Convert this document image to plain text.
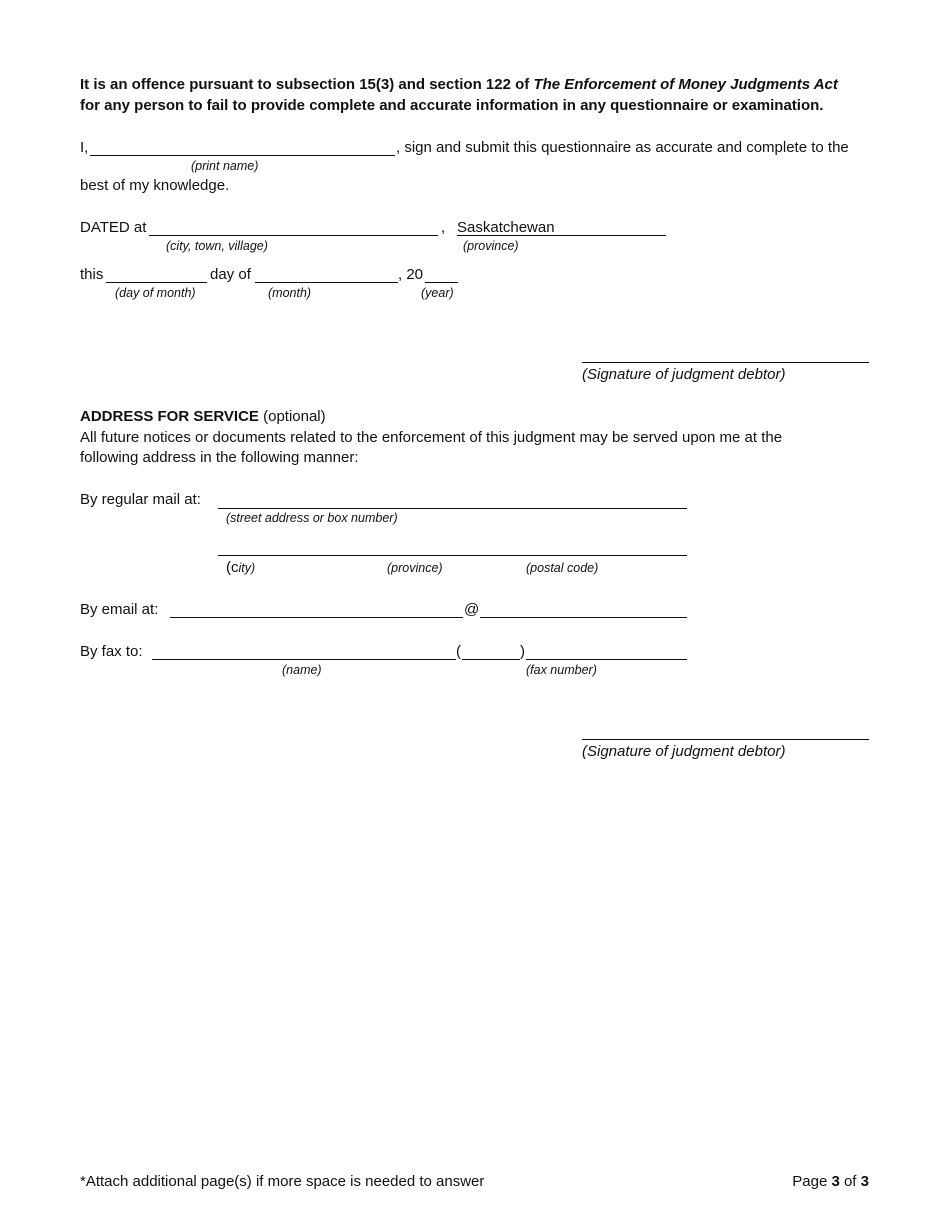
It is an offence pursuant to subsection 15(3) and section 122 of The Enforcement of Money Judgments Act
for any person to fail to provide complete and accurate information in any questionnaire or examination.
I,	, sign and submit this questionnaire as accurate and complete to the
(print name)
best of my knowledge.
DATED at	, Saskatchewan
(city, town, village)	(province)
this	day of	, 20
(day of month)	(month)	(year)
(Signature of judgment debtor)
ADDRESS FOR SERVICE (optional)
All future notices or documents related to the enforcement of this judgment may be served upon me at the
following address in the following manner:
By regular mail at:
(street address or box number)
(city)	(province)	(postal code)
By email at:	@
By fax to:	(	)
(name)	(fax number)
(Signature of judgment debtor)
*Attach additional page(s) if more space is needed to answer	Page 3 of 3
